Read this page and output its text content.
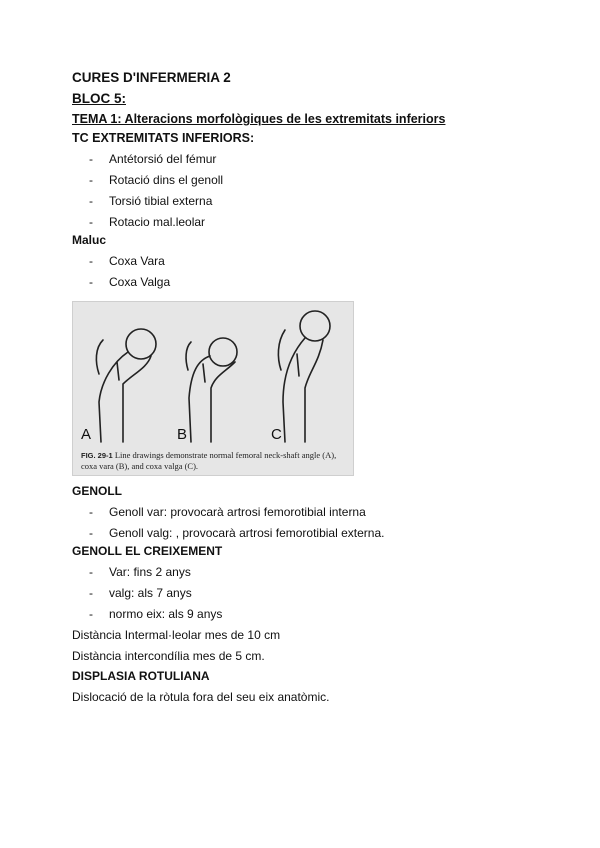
CURES D'INFERMERIA 2
BLOC 5:
TEMA 1: Alteracions morfològiques de les extremitats inferiors
TC EXTREMITATS INFERIORS:
- Antétorsió del fémur
- Rotació dins el genoll
- Torsió tibial externa
- Rotacio mal.leolar
Maluc
- Coxa Vara
- Coxa Valga
A	B	C
FIG. 29-1 Line drawings demonstrate normal femoral neck-shaft angle (A), coxa vara (B), and coxa valga (C).
GENOLL
- Genoll var: provocarà artrosi femorotibial interna
- Genoll valg: , provocarà artrosi femorotibial externa.
GENOLL EL CREIXEMENT
- Var: fins 2 anys
- valg: als 7 anys
- normo eix: als 9 anys

Distància Intermal·leolar mes de 10 cm

Distància intercondília mes de 5 cm.

DISPLASIA ROTULIANA

Dislocació de la ròtula fora del seu eix anatòmic.
